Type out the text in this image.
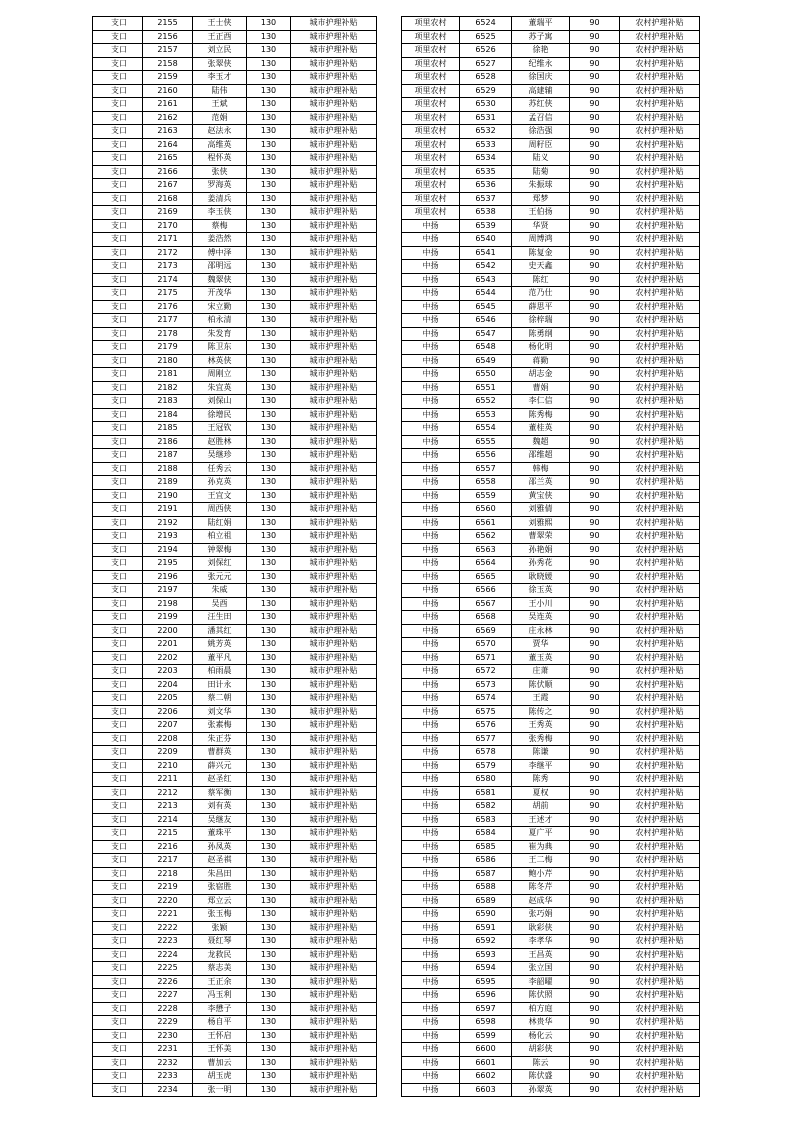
支口	2155	王士侠	130	城市护理补贴
支口	2156	王正酉	130	城市护理补贴
支口	2157	刘立民	130	城市护理补贴
支口	2158	张翠侠	130	城市护理补贴
支口	2159	李玉才	130	城市护理补贴
支口	2160	陆伟	130	城市护理补贴
支口	2161	王斌	130	城市护理补贴
支口	2162	范娟	130	城市护理补贴
支口	2163	赵法永	130	城市护理补贴
支口	2164	高维英	130	城市护理补贴
支口	2165	程怀英	130	城市护理补贴
支口	2166	张侠	130	城市护理补贴
支口	2167	罗海英	130	城市护理补贴
支口	2168	姜清兵	130	城市护理补贴
支口	2169	李玉侠	130	城市护理补贴
支口	2170	蔡梅	130	城市护理补贴
支口	2171	姜浩然	130	城市护理补贴
支口	2172	傅中泽	130	城市护理补贴
支口	2173	邵明远	130	城市护理补贴
支口	2174	魏翠侠	130	城市护理补贴
支口	2175	开茂华	130	城市护理补贴
支口	2176	宋立勤	130	城市护理补贴
支口	2177	柏永清	130	城市护理补贴
支口	2178	朱发育	130	城市护理补贴
支口	2179	陈卫东	130	城市护理补贴
支口	2180	林英侠	130	城市护理补贴
支口	2181	周刚立	130	城市护理补贴
支口	2182	朱宜英	130	城市护理补贴
支口	2183	刘保山	130	城市护理补贴
支口	2184	徐增民	130	城市护理补贴
支口	2185	王冠钦	130	城市护理补贴
支口	2186	赵胜林	130	城市护理补贴
支口	2187	吴继珍	130	城市护理补贴
支口	2188	任秀云	130	城市护理补贴
支口	2189	孙克英	130	城市护理补贴
支口	2190	王宜文	130	城市护理补贴
支口	2191	周西侠	130	城市护理补贴
支口	2192	陆红娟	130	城市护理补贴
支口	2193	柏立祖	130	城市护理补贴
支口	2194	钟翠梅	130	城市护理补贴
支口	2195	刘保红	130	城市护理补贴
支口	2196	张元元	130	城市护理补贴
支口	2197	朱威	130	城市护理补贴
支口	2198	吴酉	130	城市护理补贴
支口	2199	汪生田	130	城市护理补贴
支口	2200	潘其红	130	城市护理补贴
支口	2201	姚芳英	130	城市护理补贴
支口	2202	董平凡	130	城市护理补贴
支口	2203	柏雨晨	130	城市护理补贴
支口	2204	田计永	130	城市护理补贴
支口	2205	蔡二朝	130	城市护理补贴
支口	2206	刘文华	130	城市护理补贴
支口	2207	张素梅	130	城市护理补贴
支口	2208	朱正芬	130	城市护理补贴
支口	2209	曹群英	130	城市护理补贴
支口	2210	薛兴元	130	城市护理补贴
支口	2211	赵圣红	130	城市护理补贴
支口	2212	蔡军衡	130	城市护理补贴
支口	2213	刘有英	130	城市护理补贴
支口	2214	吴继友	130	城市护理补贴
支口	2215	董珠平	130	城市护理补贴
支口	2216	孙凤英	130	城市护理补贴
支口	2217	赵圣祺	130	城市护理补贴
支口	2218	朱昌田	130	城市护理补贴
支口	2219	张宿胜	130	城市护理补贴
支口	2220	郑立云	130	城市护理补贴
支口	2221	张玉梅	130	城市护理补贴
支口	2222	张颖	130	城市护理补贴
支口	2223	聂红琴	130	城市护理补贴
支口	2224	龙救民	130	城市护理补贴
支口	2225	蔡志美	130	城市护理补贴
支口	2226	王正余	130	城市护理补贴
支口	2227	冯玉利	130	城市护理补贴
支口	2228	李懋子	130	城市护理补贴
支口	2229	杨自平	130	城市护理补贴
支口	2230	王怀启	130	城市护理补贴
支口	2231	王怀美	130	城市护理补贴
支口	2232	曹加云	130	城市护理补贴
支口	2233	胡玉虎	130	城市护理补贴
支口	2234	张一明	130	城市护理补贴
项里农村	6524	董瑞平	90	农村护理补贴
项里农村	6525	苏子寓	90	农村护理补贴
项里农村	6526	徐艳	90	农村护理补贴
项里农村	6527	纪维永	90	农村护理补贴
项里农村	6528	徐国庆	90	农村护理补贴
项里农村	6529	高建辅	90	农村护理补贴
项里农村	6530	苏红侠	90	农村护理补贴
项里农村	6531	孟召信	90	农村护理补贴
项里农村	6532	徐浩强	90	农村护理补贴
项里农村	6533	周籽臣	90	农村护理补贴
项里农村	6534	陆义	90	农村护理补贴
项里农村	6535	陆菊	90	农村护理补贴
项里农村	6536	朱振球	90	农村护理补贴
项里农村	6537	郑梦	90	农村护理补贴
项里农村	6538	王伯扬	90	农村护理补贴
中扬	6539	华贤	90	农村护理补贴
中扬	6540	周博鸿	90	农村护理补贴
中扬	6541	陈复金	90	农村护理补贴
中扬	6542	史天鑫	90	农村护理补贴
中扬	6543	陈红	90	农村护理补贴
中扬	6544	范乃仕	90	农村护理补贴
中扬	6545	薛思平	90	农村护理补贴
中扬	6546	徐梓瑞	90	农村护理补贴
中扬	6547	陈勇纲	90	农村护理补贴
中扬	6548	杨化明	90	农村护理补贴
中扬	6549	蒋勤	90	农村护理补贴
中扬	6550	胡志金	90	农村护理补贴
中扬	6551	曹娟	90	农村护理补贴
中扬	6552	李仁信	90	农村护理补贴
中扬	6553	陈秀梅	90	农村护理补贴
中扬	6554	董桂英	90	农村护理补贴
中扬	6555	魏超	90	农村护理补贴
中扬	6556	邵维超	90	农村护理补贴
中扬	6557	韩梅	90	农村护理补贴
中扬	6558	邵兰英	90	农村护理补贴
中扬	6559	黄宝侠	90	农村护理补贴
中扬	6560	刘雅倩	90	农村护理补贴
中扬	6561	刘雅熙	90	农村护理补贴
中扬	6562	曹翠荣	90	农村护理补贴
中扬	6563	孙艳娟	90	农村护理补贴
中扬	6564	孙秀花	90	农村护理补贴
中扬	6565	耿晓媛	90	农村护理补贴
中扬	6566	徐玉英	90	农村护理补贴
中扬	6567	王小川	90	农村护理补贴
中扬	6568	吴连英	90	农村护理补贴
中扬	6569	庄永林	90	农村护理补贴
中扬	6570	贾华	90	农村护理补贴
中扬	6571	董玉英	90	农村护理补贴
中扬	6572	庄萧	90	农村护理补贴
中扬	6573	陈伏顺	90	农村护理补贴
中扬	6574	王霞	90	农村护理补贴
中扬	6575	陈传之	90	农村护理补贴
中扬	6576	王秀英	90	农村护理补贴
中扬	6577	张秀梅	90	农村护理补贴
中扬	6578	陈谦	90	农村护理补贴
中扬	6579	李继平	90	农村护理补贴
中扬	6580	陈秀	90	农村护理补贴
中扬	6581	夏权	90	农村护理补贴
中扬	6582	胡前	90	农村护理补贴
中扬	6583	王述才	90	农村护理补贴
中扬	6584	夏广平	90	农村护理补贴
中扬	6585	崔为典	90	农村护理补贴
中扬	6586	王二梅	90	农村护理补贴
中扬	6587	鲍小芹	90	农村护理补贴
中扬	6588	陈冬芹	90	农村护理补贴
中扬	6589	赵成华	90	农村护理补贴
中扬	6590	张巧娟	90	农村护理补贴
中扬	6591	耿彩侠	90	农村护理补贴
中扬	6592	李孝华	90	农村护理补贴
中扬	6593	王昌英	90	农村护理补贴
中扬	6594	张立国	90	农村护理补贴
中扬	6595	李韶曜	90	农村护理补贴
中扬	6596	陈伏照	90	农村护理补贴
中扬	6597	柏方庭	90	农村护理补贴
中扬	6598	林贵华	90	农村护理补贴
中扬	6599	杨化云	90	农村护理补贴
中扬	6600	胡彩侠	90	农村护理补贴
中扬	6601	陈云	90	农村护理补贴
中扬	6602	陈伏盛	90	农村护理补贴
中扬	6603	孙翠英	90	农村护理补贴
